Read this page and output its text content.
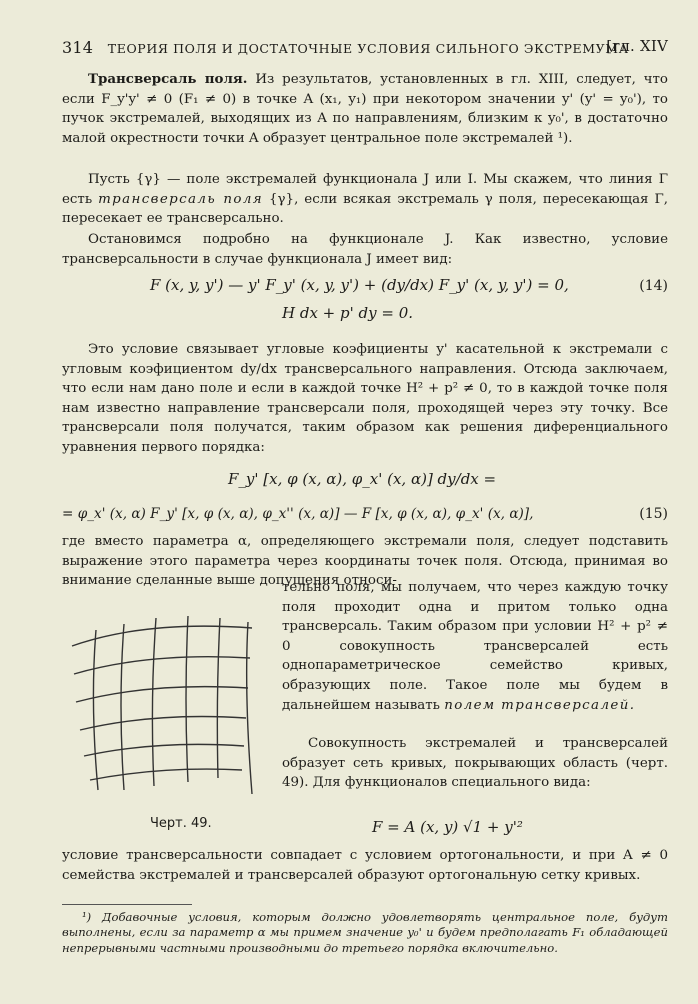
314 ТЕОРИЯ ПОЛЯ И ДОСТАТОЧНЫЕ УСЛОВИЯ СИЛЬНОГО ЭКСТРЕМУМА
[гл. XIV

Трансверсаль поля. Из результатов, установленных в гл. XIII, следует, что если F_y'y' ≠ 0 (F₁ ≠ 0) в точке A (x₁, y₁) при некотором значении y' (y' = y₀'), то пучок экстремалей, выходящих из A по направлениям, близким к y₀', в достаточно малой окрестности точки A образует центральное поле экстремалей ¹).

Пусть {γ} — поле экстремалей функционала J или I. Мы скажем, что линия Γ есть трансверсаль поля {γ}, если всякая экстремаль γ поля, пересекающая Γ, пересекает ее трансверсально.

Остановимся подробно на функционале J. Как известно, условие трансверсальности в случае функционала J имеет вид:

F (x, y, y') — y' F_y' (x, y, y') + (dy/dx) F_y' (x, y, y') = 0,	(14)
H dx + p' dy = 0.

Это условие связывает угловые коэфициенты y' касательной к экстремали с угловым коэфициентом dy/dx трансверсального направления. Отсюда заключаем, что если нам дано поле и если в каждой точке H² + p² ≠ 0, то в каждой точке поля нам известно направление трансверсали поля, проходящей через эту точку. Все трансверсали поля получатся, таким образом как решения диференциального уравнения первого порядка:

F_y' [x, φ (x, α), φ_x' (x, α)] dy/dx =
= φ_x' (x, α) F_y' [x, φ (x, α), φ_x'' (x, α)] — F [x, φ (x, α), φ_x' (x, α)],	(15)

где вместо параметра α, определяющего экстремали поля, следует подставить выражение этого параметра через координаты точек поля. Отсюда, принимая во внимание сделанные выше допущения относи-

Черт. 49.

тельно поля, мы получаем, что через каждую точку поля проходит одна и притом только одна трансверсаль. Таким образом при условии H² + p² ≠ 0 совокупность трансверсалей есть однопараметрическое семейство кривых, образующих поле. Такое поле мы будем в дальнейшем называть полем трансверсалей.

Совокупность экстремалей и трансверсалей образует сеть кривых, покрывающих область (черт. 49). Для функционалов специального вида:

F = A (x, y) √1 + y'²

условие трансверсальности совпадает с условием ортогональности, и при A ≠ 0 семейства экстремалей и трансверсалей образуют ортогональную сетку кривых.

¹) Добавочные условия, которым должно удовлетворять центральное поле, будут выполнены, если за параметр α мы примем значение y₀' и будем предполагать F₁ обладающей непрерывными частными производными до третьего порядка включительно.
